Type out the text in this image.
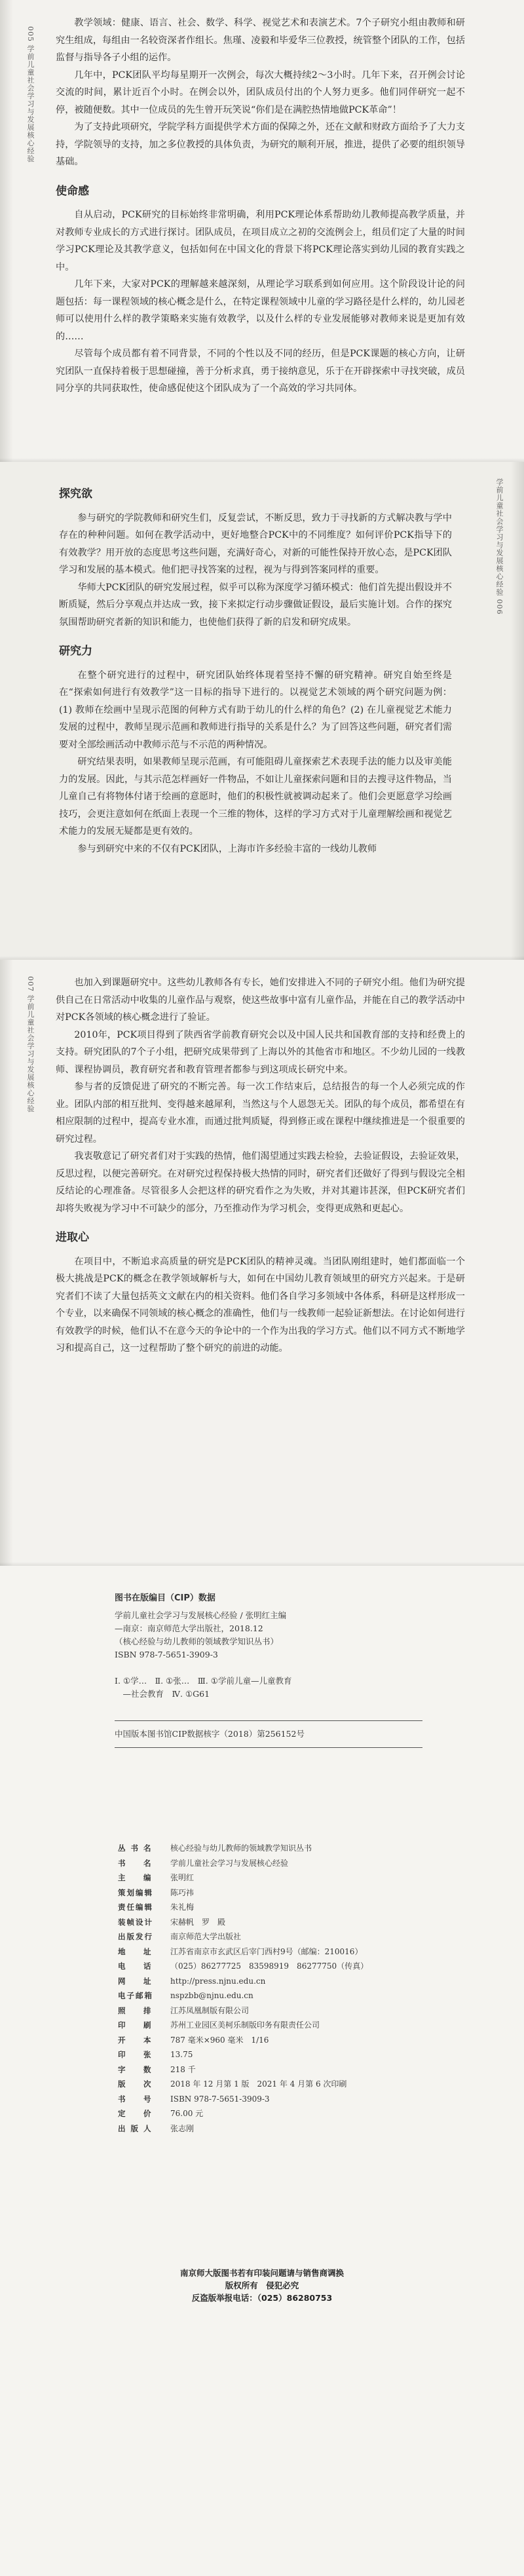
005 学前儿童社会学习与发展核心经验

教学领域：健康、语言、社会、数学、科学、视觉艺术和表演艺术。7个子研究小组由教师和研究生组成，每组由一名较资深者作组长。焦瑾、凌毅和毕爱华三位教授，统管整个团队的工作，包括监督与指导各子小组的运作。

几年中，PCK团队平均每星期开一次例会，每次大概持续2～3小时。几年下来，召开例会讨论交流的时间，累计近百个小时。在例会以外，团队成员付出的个人努力更多。他们同伴研究一起不停，被随便数。其中一位成员的先生曾开玩笑说“你们是在满腔热情地做PCK革命”！

为了支持此项研究，学院学科方面提供学术方面的保障之外，还在文献和财政方面给予了大力支持，学院领导的支持，加之多位教授的具体负责，为研究的顺利开展，推进，提供了必要的组织领导基础。

使命感

自从启动，PCK研究的目标始终非常明确，利用PCK理论体系帮助幼儿教师提高教学质量，并对教师专业成长的方式进行探讨。团队成员，在项目成立之初的交流例会上，组员们定了大量的时间学习PCK理论及其教学意义，包括如何在中国文化的背景下将PCK理论落实到幼儿园的教育实践之中。

几年下来，大家对PCK的理解越来越深刻，从理论学习联系到如何应用。这个阶段设计论的问题包括：每一课程领域的核心概念是什么，在特定课程领域中儿童的学习路径是什么样的，幼儿园老师可以使用什么样的教学策略来实施有效教学，以及什么样的专业发展能够对教师来说是更加有效的……

尽管每个成员都有着不同背景，不同的个性以及不同的经历，但是PCK课题的核心方向，让研究团队一直保持着极于思想碰撞，善于分析求真，勇于接纳意见，乐于在开辟探索中寻找突破，成员同分享的共同获取性，使命感促使这个团队成为了一个高效的学习共同体。

学前儿童社会学习与发展核心经验 006
探究欲

参与研究的学院教师和研究生们，反复尝试，不断反思，致力于寻找新的方式解决教与学中存在的种种问题。如何在教学活动中，更好地整合PCK中的不同维度？如何评价PCK指导下的有效教学？用开放的态度思考这些问题，充满好奇心，对新的可能性保持开放心态，是PCK团队学习和发展的基本模式。他们把寻找答案的过程，视为与得到答案同样的重要。

华师大PCK团队的研究发展过程，似乎可以称为深度学习循环模式：他们首先提出假设并不断质疑，然后分享观点并达成一致，接下来拟定行动步骤做证假设，最后实施计划。合作的探究氛围帮助研究者新的知识和能力，也使他们获得了新的启发和研究成果。

研究力

在整个研究进行的过程中，研究团队始终体现着坚持不懈的研究精神。研究自始至终是在“探索如何进行有效教学”这一目标的指导下进行的。以视觉艺术领域的两个研究问题为例：(1) 教师在绘画中呈现示范图的何种方式有助于幼儿的什么样的角色？(2) 在儿童视觉艺术能力发展的过程中，教师呈现示范画和教师进行指导的关系是什么？为了回答这些问题，研究者们需要对全部绘画活动中教师示范与不示范的两种情况。

研究结果表明，如果教师呈现示范画，有可能阻碍儿童探索艺术表现手法的能力以及审美能力的发展。因此，与其示范怎样画好一件物品，不如让儿童探索问题和目的去搜寻这件物品，当儿童自己有将物体付诸于绘画的意愿时，他们的积极性就被调动起来了。他们会更愿意学习绘画技巧，会更注意如何在纸面上表现一个三维的物体，这样的学习方式对于儿童理解绘画和视觉艺术能力的发展无疑都是更有效的。

参与到研究中来的不仅有PCK团队，上海市许多经验丰富的一线幼儿教师

007 学前儿童社会学习与发展核心经验

也加入到课题研究中。这些幼儿教师各有专长，她们安排进入不同的子研究小组。他们为研究提供自己在日常活动中收集的儿童作品与观察，使这些故事中富有儿童作品，并能在自己的教学活动中对PCK各领域的核心概念进行了验证。

2010年，PCK项目得到了陕西省学前教育研究会以及中国人民共和国教育部的支持和经费上的支持。研究团队的7个子小组，把研究成果带到了上海以外的其他省市和地区。不少幼儿园的一线教师、课程协调员，教育研究者和教育管理者都参与到这项成长研究中来。

参与者的反馈促进了研究的不断完善。每一次工作结束后，总结报告的每一个人必须完成的作业。团队内部的相互批判、变得越来越犀利，当然这与个人恩怨无关。团队的每个成员，都希望在有相应限制的过程中，提高专业水准，而通过批判质疑，得到修正或在课程中继续推进是一个很重要的研究过程。

我衷敬意记了研究者们对于实践的热情，他们渴望通过实践去检验，去验证假设，去验证效果，反思过程，以便完善研究。在对研究过程保持极大热情的同时，研究者们还做好了得到与假设完全相反结论的心理准备。尽管很多人会把这样的研究看作之为失败，并对其避讳甚深，但PCK研究者们却将失败视为学习中不可缺少的部分，乃至推动作为学习机会，变得更成熟和更起心。

进取心

在项目中，不断追求高质量的研究是PCK团队的精神灵魂。当团队刚组建时，她们都面临一个极大挑战是PCK的概念在教学领域解析与大，如何在中国幼儿教育领域里的研究方兴起来。于是研究者们不读了大量包括英文文献在内的相关资料。他们各自学习多领域中各体系，科研是这样形成一个专业，以来确保不同领域的核心概念的准确性，他们与一线教师一起验证新想法。在讨论如何进行有效教学的时候，他们认不在意今天的争论中的一个作为出我的学习方式。他们以不同方式不断地学习和提高自己，这一过程帮助了整个研究的前进的动能。

图书在版编目（CIP）数据
学前儿童社会学习与发展核心经验 / 张明红主编
—南京：南京师范大学出版社，2018.12
（核心经验与幼儿教师的领域教学知识丛书）
ISBN 978-7-5651-3909-3

Ⅰ. ①学…　Ⅱ. ①张…　Ⅲ. ①学前儿童—儿童教育
　—社会教育　Ⅳ. ①G61

中国版本图书馆CIP数据核字（2018）第256152号
丛 书 名	核心经验与幼儿教师的领域教学知识丛书
书 　 名	学前儿童社会学习与发展核心经验
主 　 编	张明红
策划编辑	陈巧祎
责任编辑	朱礼梅
装帧设计	宋赫帆　罗　殿
出版发行	南京师范大学出版社
地 　 址	江苏省南京市玄武区后宰门西村9号（邮编：210016）
电 　 话	（025）86277725　83598919　86277750（传真）
网 　 址	http://press.njnu.edu.cn
电子邮箱	nspzbb@njnu.edu.cn
照 　 排	江苏凤凰制版有限公司
印 　 刷	苏州工业园区美柯乐制版印务有限责任公司
开 　 本	787 毫米×960 毫米　1/16
印 　 张	13.75
字 　 数	218 千
版 　 次	2018 年 12 月第 1 版　2021 年 4 月第 6 次印刷
书 　 号	ISBN 978-7-5651-3909-3
定 　 价	76.00 元
出 版 人	张志刚
南京师大版图书若有印装问题请与销售商调换
版权所有　侵犯必究
反盗版举报电话：（025）86280753
